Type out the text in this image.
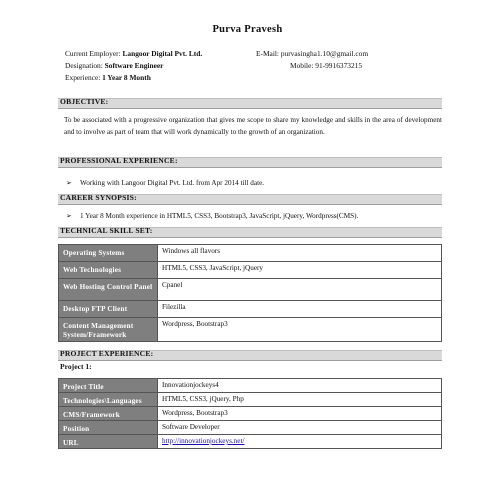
Purva Pravesh
Current Employer: Langoor Digital Pvt. Ltd.
Designation: Software Engineer
Experience: 1 Year 8 Month
E-Mail: purvasingha1.10@gmail.com
Mobile: 91-9916373215
OBJECTIVE:
To be associated with a progressive organization that gives me scope to share my knowledge and skills in the area of development and to involve as part of team that will work dynamically to the growth of an organization.
PROFESSIONAL EXPERIENCE:
➢ Working with Langoor Digital Pvt. Ltd. from Apr 2014 till date.
CAREER SYNOPSIS:
➢ 1 Year 8 Month experience in HTML5, CSS3, Bootstrap3, JavaScript, jQuery, Wordpress(CMS).
TECHNICAL SKILL SET:
Operating Systems	Windows all flavors
Web Technologies	HTML5, CSS3, JavaScript, jQuery
Web Hosting Control Panel	Cpanel
Desktop FTP Client	Filezilla
Content Management System/Framework	Wordpress, Bootstrap3
PROJECT EXPERIENCE:
Project 1:
Project Title	Innovationjockeys4
Technologies\Languages	HTML5, CSS3, jQuery, Php
CMS/Framework	Wordpress, Bootstrap3
Position	Software Developer
URL	http://innovationjockeys.net/
